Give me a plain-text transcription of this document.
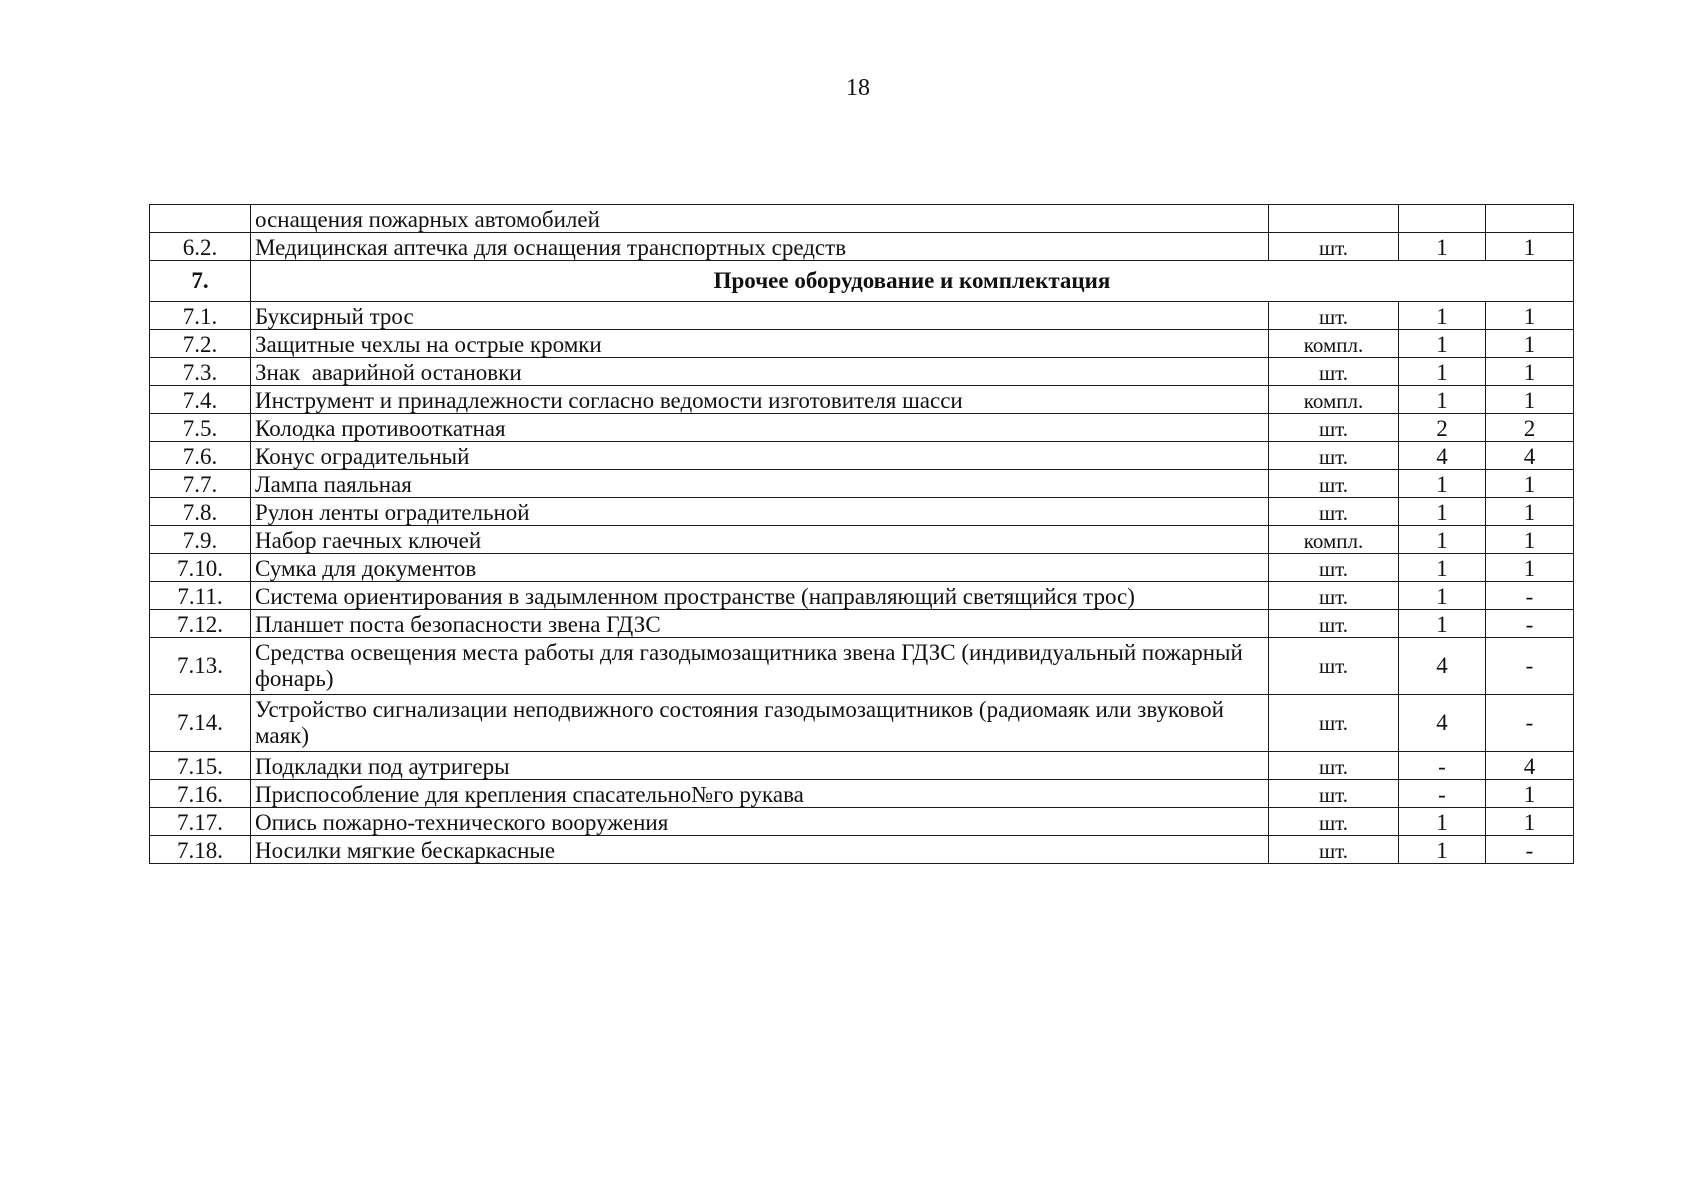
18
	оснащения пожарных автомобилей			
6.2.	Медицинская аптечка для оснащения транспортных средств	шт.	1	1
7.	Прочее оборудование и комплектация			
7.1.	Буксирный трос	шт.	1	1
7.2.	Защитные чехлы на острые кромки	компл.	1	1
7.3.	Знак  аварийной остановки	шт.	1	1
7.4.	Инструмент и принадлежности согласно ведомости изготовителя шасси	компл.	1	1
7.5.	Колодка противооткатная	шт.	2	2
7.6.	Конус оградительный	шт.	4	4
7.7.	Лампа паяльная	шт.	1	1
7.8.	Рулон ленты оградительной	шт.	1	1
7.9.	Набор гаечных ключей	компл.	1	1
7.10.	Сумка для документов	шт.	1	1
7.11.	Система ориентирования в задымленном пространстве (направляющий светящийся трос)	шт.	1	-
7.12.	Планшет поста безопасности звена ГДЗС	шт.	1	-
7.13.	Средства освещения места работы для газодымозащитника звена ГДЗС (индивидуальный пожарный фонарь)	шт.	4	-
7.14.	Устройство сигнализации неподвижного состояния газодымозащитников (радиомаяк или звуковой маяк)	шт.	4	-
7.15.	Подкладки под аутригеры	шт.	-	4
7.16.	Приспособление для крепления спасательно№го рукава	шт.	-	1
7.17.	Опись пожарно-технического вооружения	шт.	1	1
7.18.	Носилки мягкие бескаркасные	шт.	1	-
